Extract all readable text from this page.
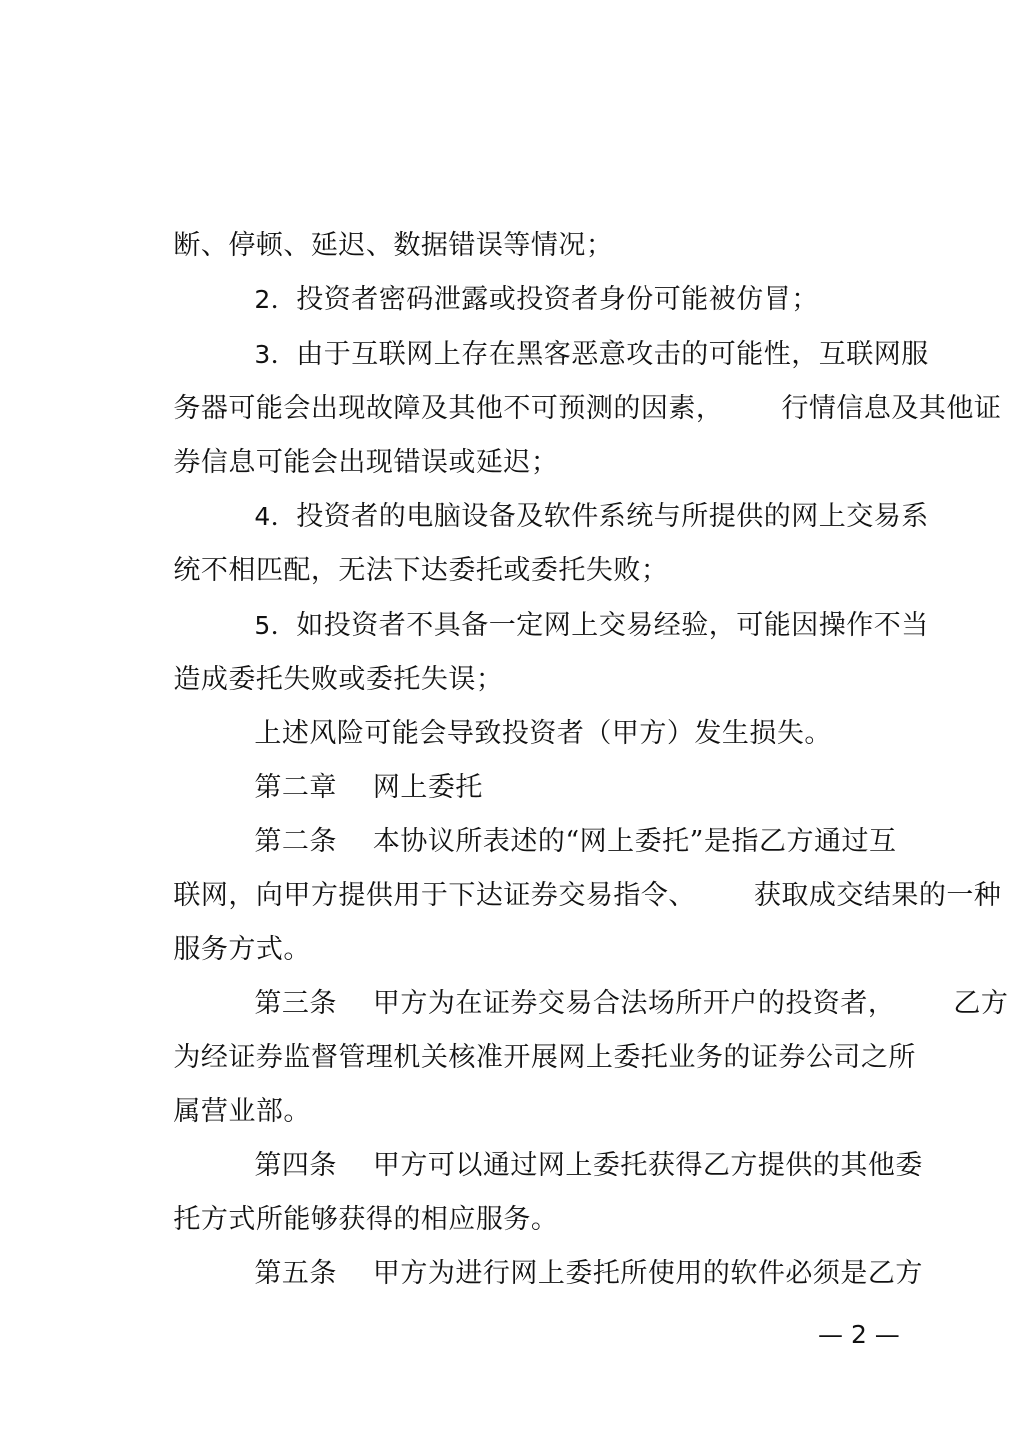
断、停顿、延迟、数据错误等情况；

2．投资者密码泄露或投资者身份可能被仿冒；

3．由于互联网上存在黑客恶意攻击的可能性，互联网服

务器可能会出现故障及其他不可预测的因素， 行情信息及其他证

券信息可能会出现错误或延迟；

4．投资者的电脑设备及软件系统与所提供的网上交易系

统不相匹配，无法下达委托或委托失败；

5．如投资者不具备一定网上交易经验，可能因操作不当

造成委托失败或委托失误；

上述风险可能会导致投资者（甲方）发生损失。

第二章 网上委托

第二条 本协议所表述的“网上委托”是指乙方通过互

联网，向甲方提供用于下达证券交易指令、 获取成交结果的一种

服务方式。

第三条 甲方为在证券交易合法场所开户的投资者， 乙方

为经证券监督管理机关核准开展网上委托业务的证券公司之所

属营业部。

第四条 甲方可以通过网上委托获得乙方提供的其他委

托方式所能够获得的相应服务。

第五条 甲方为进行网上委托所使用的软件必须是乙方

— 2 —
